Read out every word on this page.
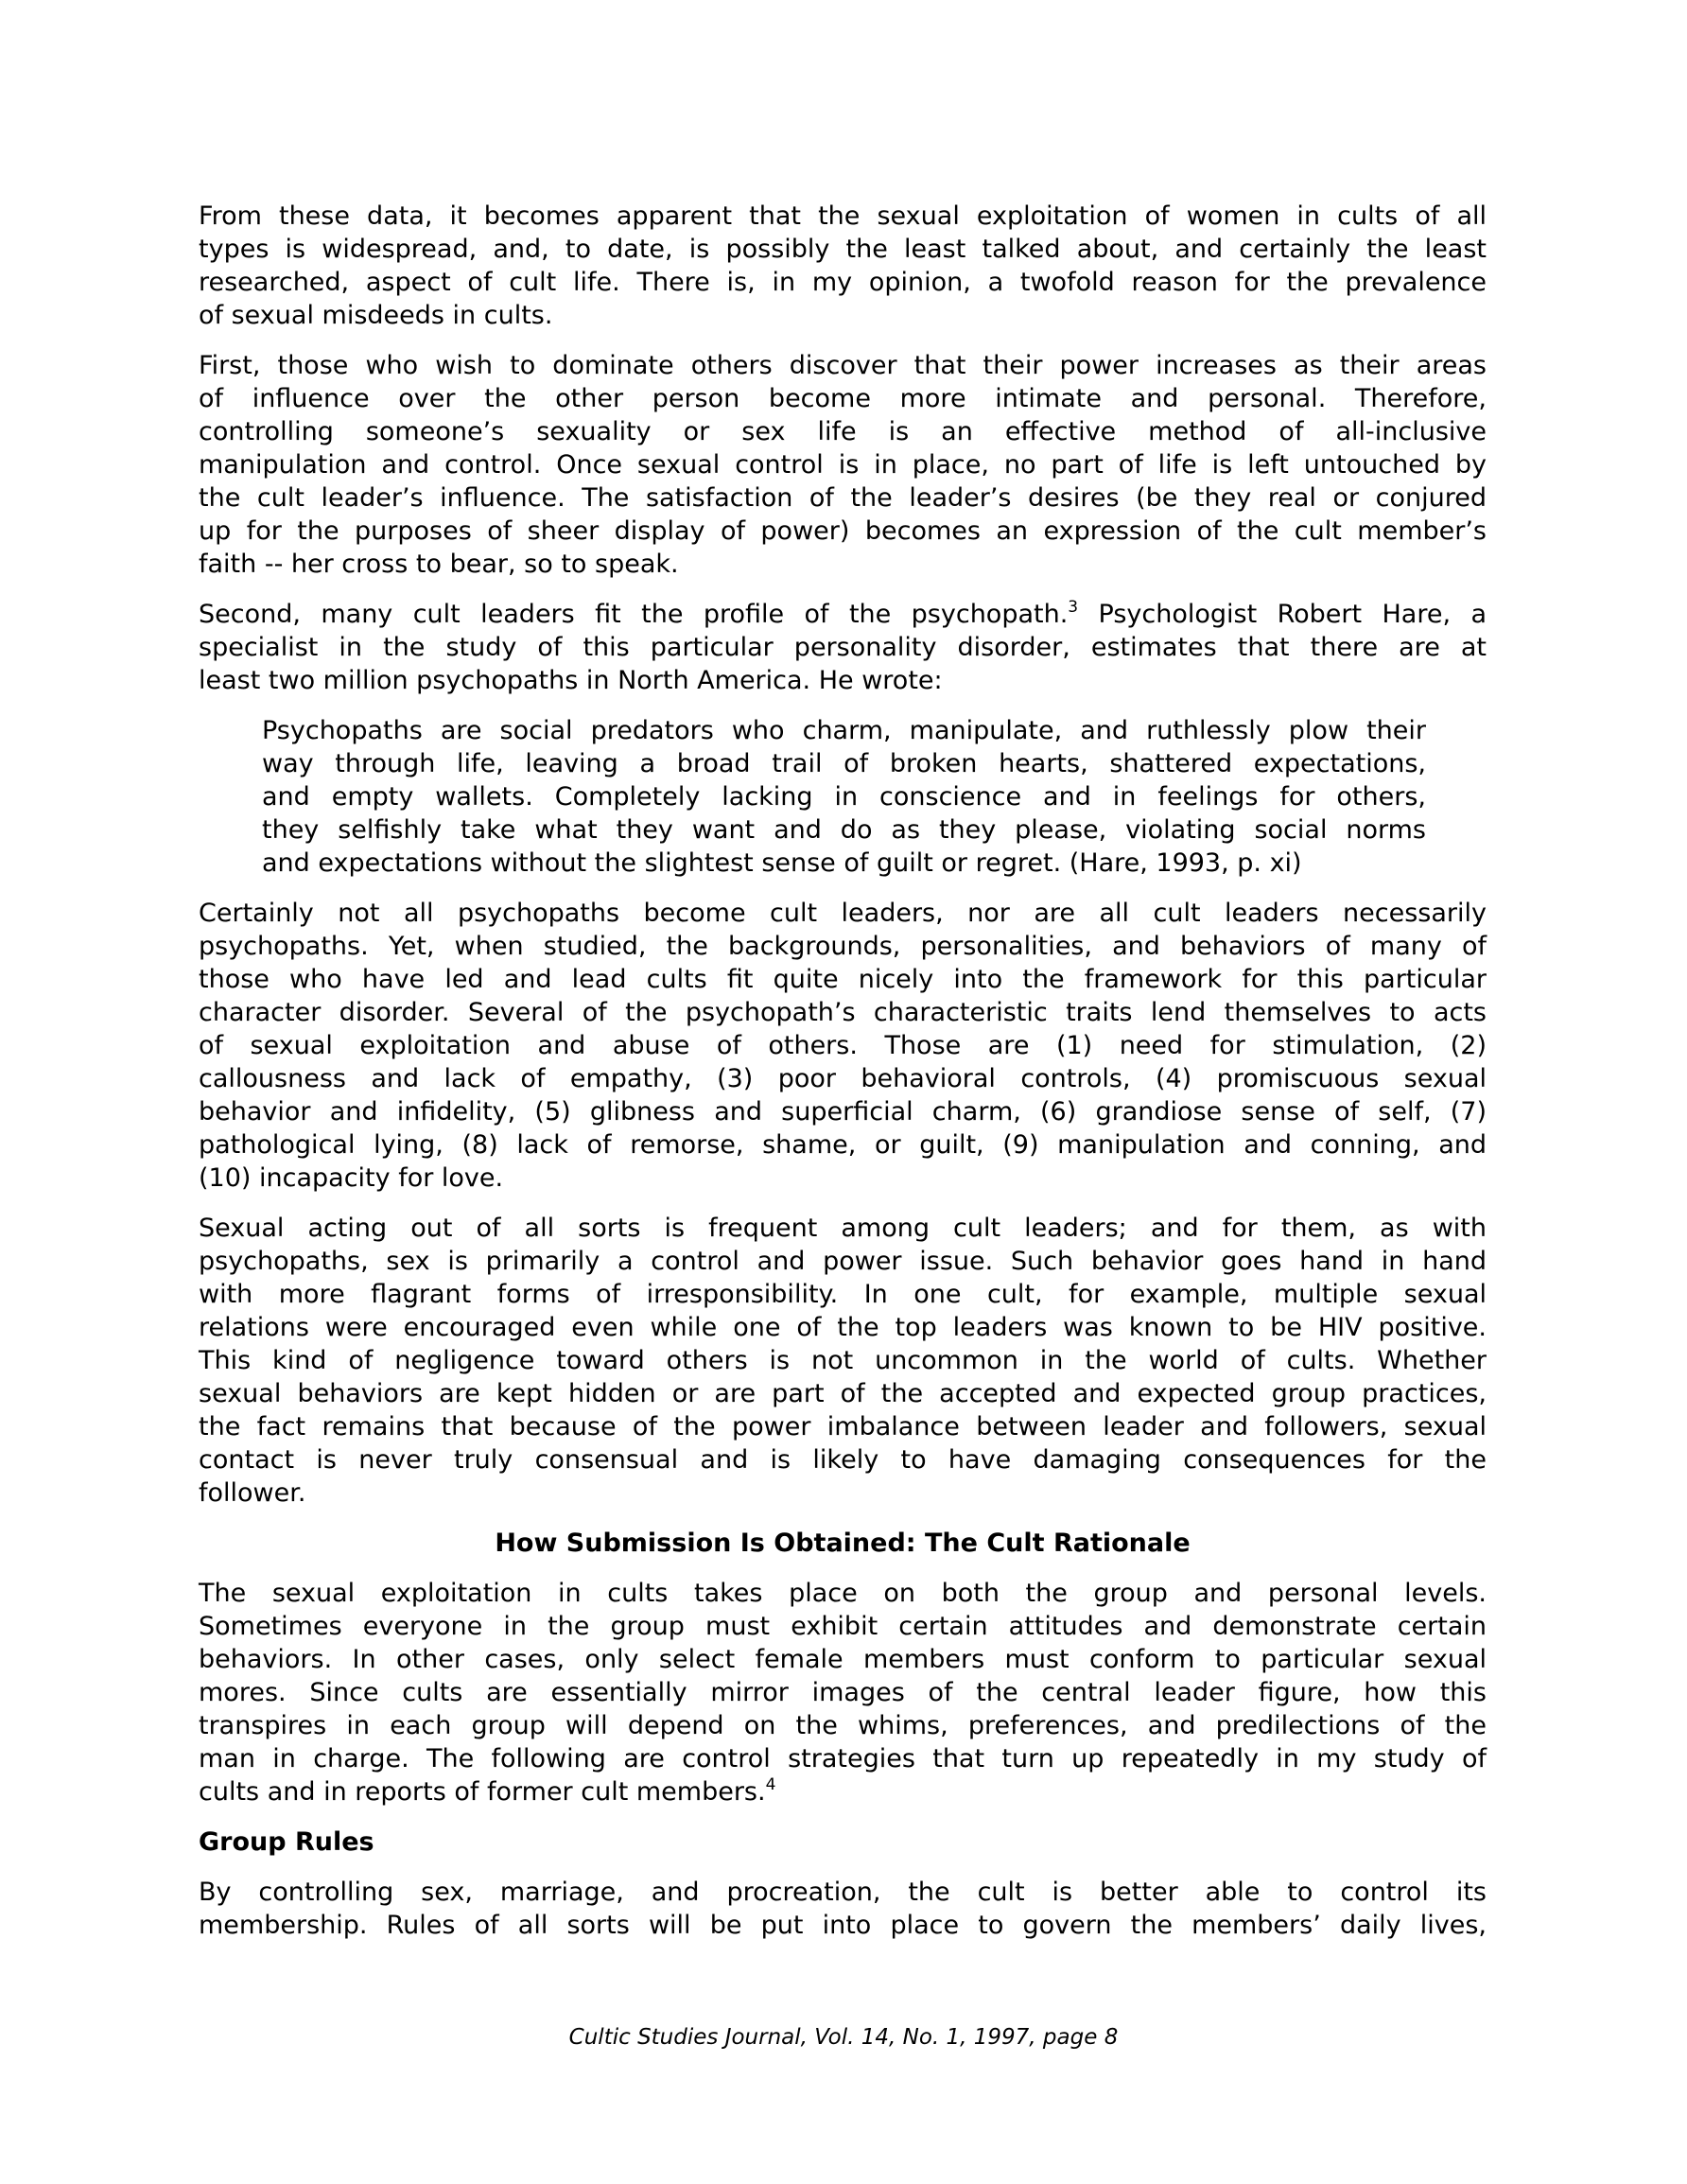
From these data, it becomes apparent that the sexual exploitation of women in cults of all
types is widespread, and, to date, is possibly the least talked about, and certainly the least
researched, aspect of cult life. There is, in my opinion, a twofold reason for the prevalence
of sexual misdeeds in cults.
First, those who wish to dominate others discover that their power increases as their areas
of influence over the other person become more intimate and personal. Therefore,
controlling someone’s sexuality or sex life is an effective method of all-inclusive
manipulation and control. Once sexual control is in place, no part of life is left untouched by
the cult leader’s influence. The satisfaction of the leader’s desires (be they real or conjured
up for the purposes of sheer display of power) becomes an expression of the cult member’s
faith -- her cross to bear, so to speak.
Second, many cult leaders fit the profile of the psychopath.$^3$ Psychologist Robert Hare, a
specialist in the study of this particular personality disorder, estimates that there are at
least two million psychopaths in North America. He wrote:
Psychopaths are social predators who charm, manipulate, and ruthlessly plow their
way through life, leaving a broad trail of broken hearts, shattered expectations,
and empty wallets. Completely lacking in conscience and in feelings for others,
they selfishly take what they want and do as they please, violating social norms
and expectations without the slightest sense of guilt or regret. (Hare, 1993, p. xi)
Certainly not all psychopaths become cult leaders, nor are all cult leaders necessarily
psychopaths. Yet, when studied, the backgrounds, personalities, and behaviors of many of
those who have led and lead cults fit quite nicely into the framework for this particular
character disorder. Several of the psychopath’s characteristic traits lend themselves to acts
of sexual exploitation and abuse of others. Those are (1) need for stimulation, (2)
callousness and lack of empathy, (3) poor behavioral controls, (4) promiscuous sexual
behavior and infidelity, (5) glibness and superficial charm, (6) grandiose sense of self, (7)
pathological lying, (8) lack of remorse, shame, or guilt, (9) manipulation and conning, and
(10) incapacity for love.
Sexual acting out of all sorts is frequent among cult leaders; and for them, as with
psychopaths, sex is primarily a control and power issue. Such behavior goes hand in hand
with more flagrant forms of irresponsibility. In one cult, for example, multiple sexual
relations were encouraged even while one of the top leaders was known to be HIV positive.
This kind of negligence toward others is not uncommon in the world of cults. Whether
sexual behaviors are kept hidden or are part of the accepted and expected group practices,
the fact remains that because of the power imbalance between leader and followers, sexual
contact is never truly consensual and is likely to have damaging consequences for the
follower.
How Submission Is Obtained: The Cult Rationale
The sexual exploitation in cults takes place on both the group and personal levels.
Sometimes everyone in the group must exhibit certain attitudes and demonstrate certain
behaviors. In other cases, only select female members must conform to particular sexual
mores. Since cults are essentially mirror images of the central leader figure, how this
transpires in each group will depend on the whims, preferences, and predilections of the
man in charge. The following are control strategies that turn up repeatedly in my study of
cults and in reports of former cult members.$^4$
Group Rules
By controlling sex, marriage, and procreation, the cult is better able to control its
membership. Rules of all sorts will be put into place to govern the members’ daily lives,
Cultic Studies Journal, Vol. 14, No. 1, 1997, page 8
